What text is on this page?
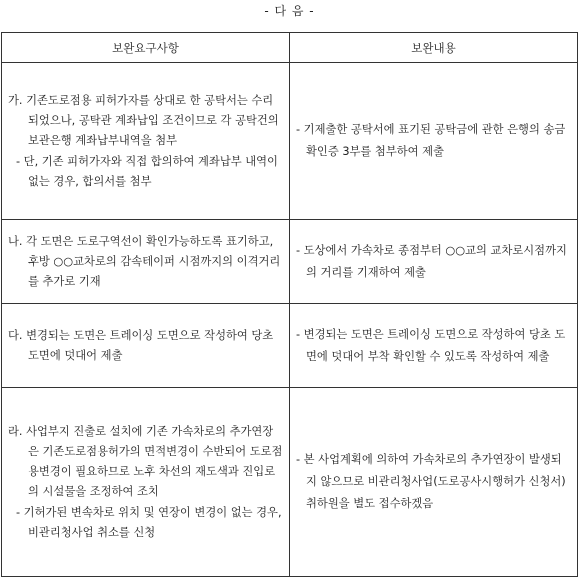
- 다 음 -
보완요구사항	보완내용

가. 기존도로점용 피허가자를 상대로 한 공탁서는 수리되었으나, 공탁관 계좌납입 조건이므로 각 공탁건의 보관은행 계좌납부내역을 첨부
- 단, 기존 피허가자와 직접 합의하여 계좌납부 내역이 없는 경우, 합의서를 첨부	- 기제출한 공탁서에 표기된 공탁금에 관한 은행의 송금확인증 3부를 첨부하여 제출

나. 각 도면은 도로구역선이 확인가능하도록 표기하고, 후방 ○○교차로의 감속테이퍼 시점까지의 이격거리를 추가로 기재	- 도상에서 가속차로 종점부터 ○○교의 교차로시점까지의 거리를 기재하여 제출

다. 변경되는 도면은 트레이싱 도면으로 작성하여 당초 도면에 덧대어 제출	- 변경되는 도면은 트레이싱 도면으로 작성하여 당초 도면에 덧대어 부착 확인할 수 있도록 작성하여 제출

라. 사업부지 진출로 설치에 기존 가속차로의 추가연장은 기존도로점용허가의 면적변경이 수반되어 도로점용변경이 필요하므로 노후 차선의 재도색과 진입로의 시설물을 조정하여 조치
- 기허가된 변속차로 위치 및 연장이 변경이 없는 경우, 비관리청사업 취소를 신청	- 본 사업계획에 의하여 가속차로의 추가연장이 발생되지 않으므로 비관리청사업(도로공사시행허가 신청서) 취하원을 별도 접수하겠음
